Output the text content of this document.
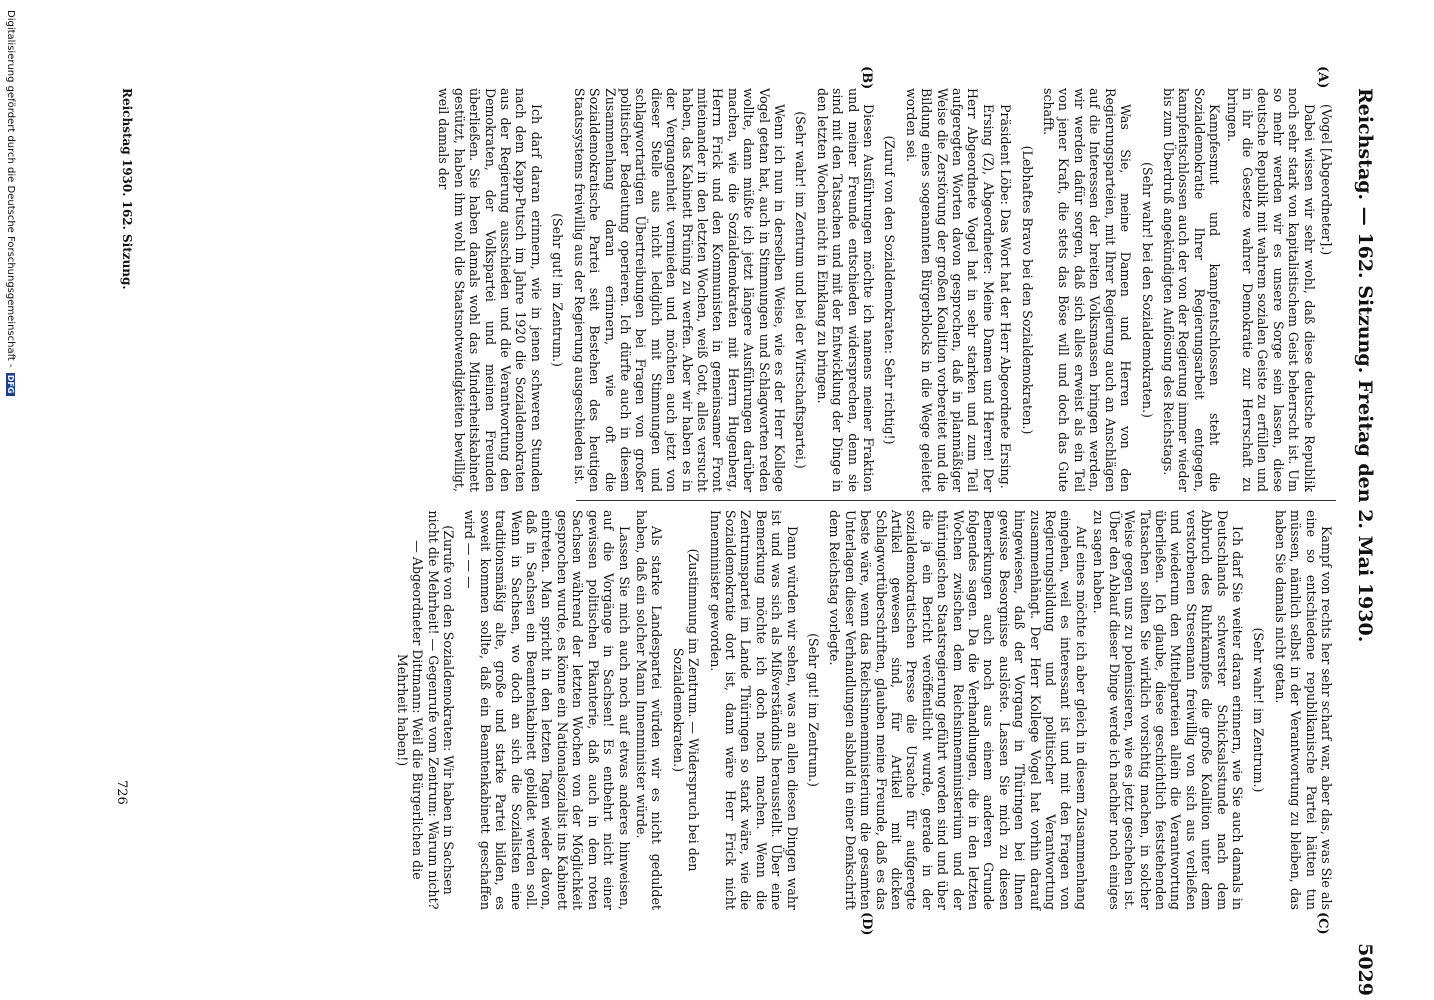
Reichstag. — 162. Sitzung. Freitag den 2. Mai 1930.
5029
(A)
(B)
(C)
(D)

(Vogel [Abgeordneter].)

Dabei wissen wir sehr wohl, daß diese deutsche Republik noch sehr stark von kapitalistischem Geist beherrscht ist. Um so mehr werden wir es unsere Sorge sein lassen, diese deutsche Republik mit wahrem sozialen Geiste zu erfüllen und in ihr die Gesetze wahrer Demokratie zur Herrschaft zu bringen.

Kampfesmut und kampfentschlossen steht die Sozialdemokratie Ihrer Regierungsarbeit entgegen, kampfentschlossen auch der von der Regierung immer wieder bis zum Überdruß angekündigten Auflösung des Reichstags.

(Sehr wahr! bei den Sozialdemokraten.)

Was Sie, meine Damen und Herren von den Regierungsparteien, mit Ihrer Regierung auch an Anschlägen auf die Interessen der breiten Volksmassen bringen werden, wir werden dafür sorgen, daß sich alles erweist als ein Teil von jener Kraft, die stets das Böse will und doch das Gute schafft.

(Lebhaftes Bravo bei den Sozialdemokraten.)

Präsident Löbe: Das Wort hat der Herr Abgeordnete Ersing.

Ersing (Z), Abgeordneter: Meine Damen und Herren! Der Herr Abgeordnete Vogel hat in sehr starken und zum Teil aufgeregten Worten davon gesprochen, daß in planmäßiger Weise die Zerstörung der großen Koalition vorbereitet und die Bildung eines sogenannten Bürgerblocks in die Wege geleitet worden sei.

(Zuruf von den Sozialdemokraten: Sehr richtig!)

Diesen Ausführungen möchte ich namens meiner Fraktion und meiner Freunde entschieden widersprechen, denn sie sind mit den Tatsachen und mit der Entwicklung der Dinge in den letzten Wochen nicht in Einklang zu bringen.

(Sehr wahr! im Zentrum und bei der Wirtschaftspartei.)

Wenn ich nun in derselben Weise, wie es der Herr Kollege Vogel getan hat, auch in Stimmungen und Schlagworten reden wollte, dann müßte ich jetzt längere Ausführungen darüber machen, wie die Sozialdemokraten mit Herrn Hugenberg, Herrn Frick und den Kommunisten in gemeinsamer Front miteinander in den letzten Wochen, weiß Gott, alles versucht haben, das Kabinett Brüning zu werfen. Aber wir haben es in der Vergangenheit vermieden und möchten auch jetzt von dieser Stelle aus nicht lediglich mit Stimmungen und schlagwortartigen Übertreibungen bei Fragen von großer politischer Bedeutung operieren. Ich dürfte auch in diesem Zusammenhang daran erinnern, wie oft die Sozialdemokratische Partei seit Bestehen des heutigen Staatssystems freiwillig aus der Regierung ausgeschieden ist.

(Sehr gut! im Zentrum.)

Ich darf daran erinnern, wie in jenen schweren Stunden nach dem Kapp-Putsch im Jahre 1920 die Sozialdemokraten aus der Regierung ausschieden und die Verantwortung den Demokraten, der Volkspartei und meinen Freunden überließen. Sie haben damals wohl das Minderheitskabinett gestützt, haben ihm wohl die Staatsnotwendigkeiten bewilligt, weil damals der

Kampf von rechts her sehr scharf war, aber das, was Sie als eine so entschiedene republikanische Partei hätten tun müssen, nämlich selbst in der Verantwortung zu bleiben, das haben Sie damals nicht getan.

(Sehr wahr! im Zentrum.)

Ich darf Sie weiter daran erinnern, wie Sie auch damals in Deutschlands schwerster Schicksalsstunde nach dem Abbruch des Ruhrkampfes die große Koalition unter dem verstorbenen Stresemann freiwillig von sich aus verließen und wiederum den Mittelparteien allein die Verantwortung überließen. Ich glaube, diese geschichtlich feststehenden Tatsachen sollten Sie wirklich vorsichtig machen, in solcher Weise gegen uns zu polemisieren, wie es jetzt geschehen ist. Über den Ablauf dieser Dinge werde ich nachher noch einiges zu sagen haben.

Auf eines möchte ich aber gleich in diesem Zusammenhang eingehen, weil es interessant ist und mit den Fragen von Regierungsbildung und politischer Verantwortung zusammenhängt. Der Herr Kollege Vogel hat vorhin darauf hingewiesen, daß der Vorgang in Thüringen bei Ihnen gewisse Besorgnisse auslöste. Lassen Sie mich zu diesen Bemerkungen auch noch aus einem anderen Grunde folgendes sagen. Da die Verhandlungen, die in den letzten Wochen zwischen dem Reichsinnenministerium und der thüringischen Staatsregierung geführt worden sind und über die ja ein Bericht veröffentlicht wurde, gerade in der sozialdemokratischen Presse die Ursache für aufgeregte Artikel gewesen sind, für Artikel mit dicken Schlagwortüberschriften, glauben meine Freunde, daß es das beste wäre, wenn das Reichsinnenministerium die gesamten Unterlagen dieser Verhandlungen alsbald in einer Denkschrift dem Reichstag vorlegte.

(Sehr gut! im Zentrum.)

Dann würden wir sehen, was an allen diesen Dingen wahr ist und was sich als Mißverständnis herausstellt. Über eine Bemerkung möchte ich doch noch machen. Wenn die Zentrumspartei im Lande Thüringen so stark wäre, wie die Sozialdemokratie dort ist, dann wäre Herr Frick nicht Innenminister geworden.

(Zustimmung im Zentrum. — Widerspruch bei den Sozialdemokraten.)

Als starke Landespartei würden wir es nicht geduldet haben, daß ein solcher Mann Innenminister würde.

Lassen Sie mich auch noch auf etwas anderes hinweisen, auf die Vorgänge in Sachsen! Es entbehrt nicht einer gewissen politischen Pikanterie, daß auch in dem roten Sachsen während der letzten Wochen von der Möglichkeit gesprochen wurde, es könne ein Nationalsozialist ins Kabinett eintreten. Man spricht in den letzten Tagen wieder davon, daß in Sachsen ein Beamtenkabinett gebildet werden soll. Wenn in Sachsen, wo doch an sich die Sozialisten eine traditionsmäßig alte, große und starke Partei bilden, es soweit kommen sollte, daß ein Beamtenkabinett geschaffen wird — — —

(Zurufe von den Sozialdemokraten: Wir haben in Sachsen nicht die Mehrheit! — Gegenrufe vom Zentrum: Warum nicht? — Abgeordneter Dittmann: Weil die Bürgerlichen die Mehrheit haben!)

Reichstag 1930. 162. Sitzung.
726
Digitalisierung gefördert durch die Deutsche Forschungsgemeinschaft - DFG
